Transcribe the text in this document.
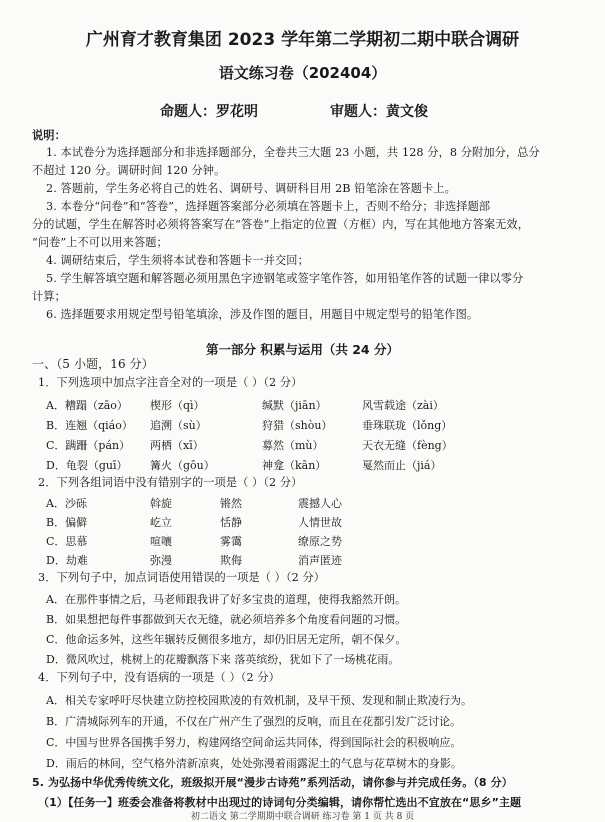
广州育才教育集团 2023 学年第二学期初二期中联合调研
语文练习卷（202404）
命题人：罗花明	审题人：黄文俊
说明：
1. 本试卷分为选择题部分和非选择题部分，全卷共三大题 23 小题，共 128 分，8 分附加分，总分
不超过 120 分。调研时间 120 分钟。
2. 答题前，学生务必将自己的姓名、调研号、调研科目用 2B 铅笔涂在答题卡上。
3. 本卷分“问卷”和“答卷”，选择题答案部分必须填在答题卡上，否则不给分；非选择题部
分的试题，学生在解答时必须将答案写在“答卷”上指定的位置（方框）内，写在其他地方答案无效，
“问卷”上不可以用来答题；
4. 调研结束后，学生须将本试卷和答题卡一并交回；
5. 学生解答填空题和解答题必须用黑色字迹钢笔或签字笔作答，如用铅笔作答的试题一律以零分
计算；
6. 选择题要求用规定型号铅笔填涂，涉及作图的题目，用题目中规定型号的铅笔作图。
第一部分 积累与运用（共 24 分）
一、（5 小题，16 分）
1．下列选项中加点字注音全对的一项是（ ）（2 分）
A．糟蹋（zāo） 楔形（qì）	缄默（jiān）	风雪载途（zài）
B．连翘（qiáo） 追溯（sù）	狩猎（shòu）	垂珠联珑（lǒng）
C．蹒跚（pán） 两栖（xī）	募然（mù）	天衣无缝（fèng）
D．龟裂（guī） 篝火（gōu）	神龛（kān）	戛然而止（jiá）
2．下列各组词语中没有错别字的一项是（ ）（2 分）
A．沙砾	斡旋	锵然	震撼人心
B．偏僻	屹立	恬静	人情世故
C．思慕	喧嚷	雾霭	缭原之势
D．劫难	弥漫	欺侮	消声匿迹
3．下列句子中，加点词语使用错误的一项是（ ）（2 分）
A．在那件事情之后，马老师跟我讲了好多宝贵的道理，使得我豁然开朗。
B．如果想把每件事都做到天衣无缝，就必须培养多个角度看问题的习惯。
C．他命运多舛，这些年辗转反侧很多地方，却仍旧居无定所，朝不保夕。
D．微风吹过，桃树上的花瓣飘落下来 落英缤纷，犹如下了一场桃花雨。
4．下列句子中，没有语病的一项是（ ）（2 分）
A．相关专家呼吁尽快建立防控校园欺凌的有效机制，及早干预、发现和制止欺凌行为。
B．广清城际列车的开通，不仅在广州产生了强烈的反响，而且在花都引发广泛讨论。
C．中国与世界各国携手努力，构建网络空间命运共同体，得到国际社会的积极响应。
D．雨后的林间，空气格外清新凉爽，处处弥漫着雨露泥土的气息与花草树木的身影。
5. 为弘扬中华优秀传统文化，班级拟开展“漫步古诗苑”系列活动，请你参与并完成任务。（8 分）
（1）【任务一】班委会准备将教材中出现过的诗词句分类编辑，请你帮忙选出不宜放在“思乡”主题
初二语文 第二学期期中联合调研 练习卷 第 1 页 共 8 页
